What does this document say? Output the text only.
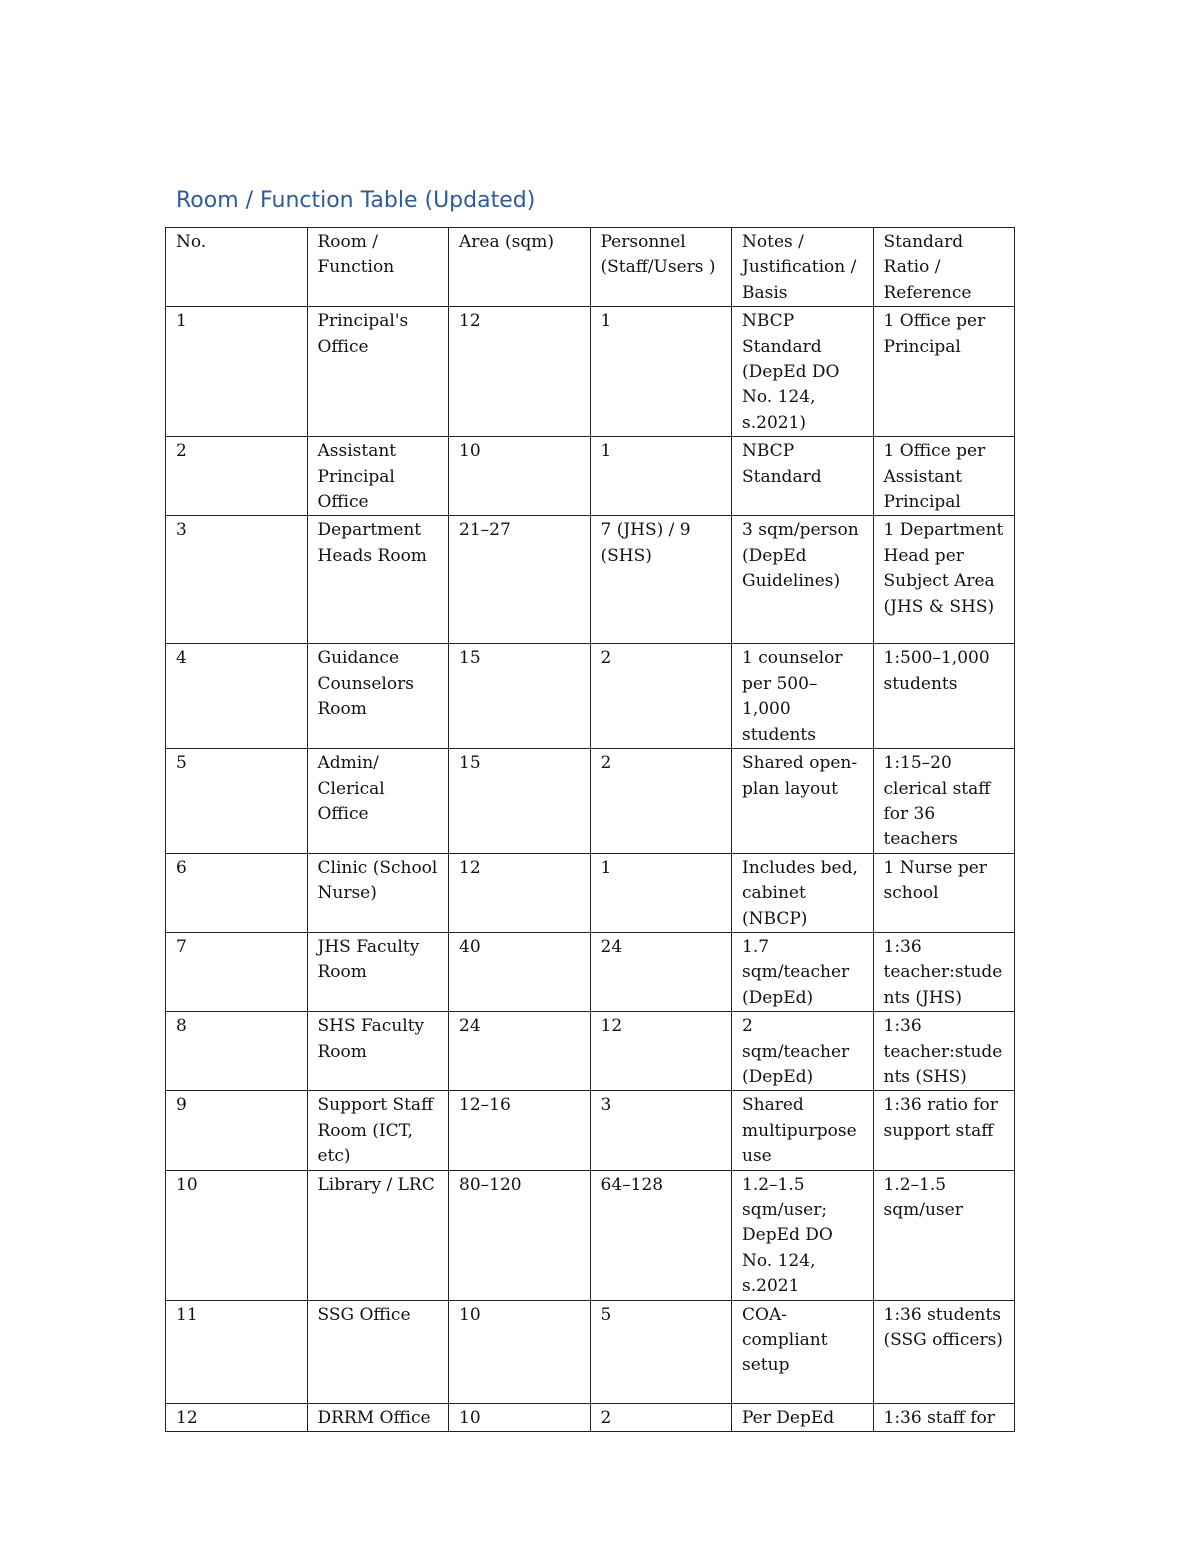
Room / Function Table (Updated)
No.	Room / Function	Area (sqm)	Personnel (Staff/Users )	Notes / Justification / Basis	Standard Ratio / Reference
1	Principal's Office	12	1	NBCP Standard (DepEd DO No. 124, s.2021)	1 Office per Principal
2	Assistant Principal Office	10	1	NBCP Standard	1 Office per Assistant Principal
3	Department Heads Room	21–27	7 (JHS) / 9 (SHS)	3 sqm/person (DepEd Guidelines)	1 Department Head per Subject Area (JHS & SHS)
4	Guidance Counselors Room	15	2	1 counselor per 500–1,000 students	1:500–1,000 students
5	Admin/ Clerical Office	15	2	Shared open-plan layout	1:15–20 clerical staff for 36 teachers
6	Clinic (School Nurse)	12	1	Includes bed, cabinet (NBCP)	1 Nurse per school
7	JHS Faculty Room	40	24	1.7 sqm/teacher (DepEd)	1:36 teacher:students (JHS)
8	SHS Faculty Room	24	12	2 sqm/teacher (DepEd)	1:36 teacher:students (SHS)
9	Support Staff Room (ICT, etc)	12–16	3	Shared multipurpose use	1:36 ratio for support staff
10	Library / LRC	80–120	64–128	1.2–1.5 sqm/user; DepEd DO No. 124, s.2021	1.2–1.5 sqm/user
11	SSG Office	10	5	COA-compliant setup	1:36 students (SSG officers)
12	DRRM Office	10	2	Per DepEd	1:36 staff for
